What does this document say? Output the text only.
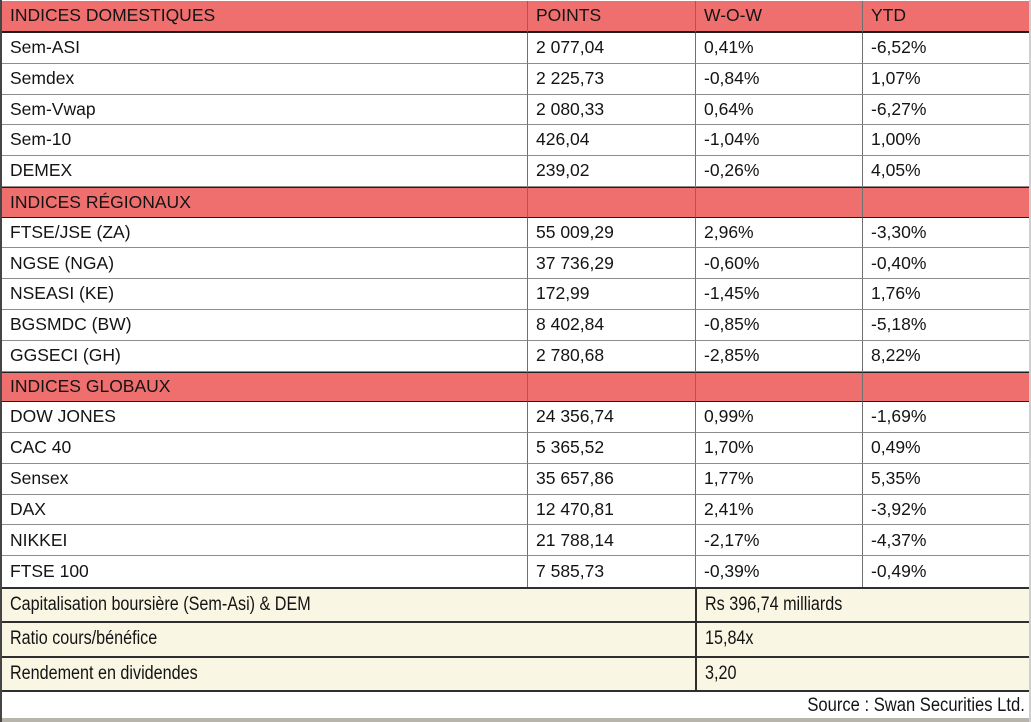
INDICES DOMESTIQUES	POINTS	W-O-W	YTD
Sem-ASI	2 077,04	0,41%	-6,52%
Semdex	2 225,73	-0,84%	1,07%
Sem-Vwap	2 080,33	0,64%	-6,27%
Sem-10	426,04	-1,04%	1,00%
DEMEX	239,02	-0,26%	4,05%
INDICES RÉGIONAUX
FTSE/JSE (ZA)	55 009,29	2,96%	-3,30%
NGSE (NGA)	37 736,29	-0,60%	-0,40%
NSEASI (KE)	172,99	-1,45%	1,76%
BGSMDC (BW)	8 402,84	-0,85%	-5,18%
GGSECI (GH)	2 780,68	-2,85%	8,22%
INDICES GLOBAUX
DOW JONES	24 356,74	0,99%	-1,69%
CAC 40	5 365,52	1,70%	0,49%
Sensex	35 657,86	1,77%	5,35%
DAX	12 470,81	2,41%	-3,92%
NIKKEI	21 788,14	-2,17%	-4,37%
FTSE 100	7 585,73	-0,39%	-0,49%
Capitalisation boursière (Sem-Asi) & DEM	Rs 396,74 milliards
Ratio cours/bénéfice	15,84x
Rendement en dividendes	3,20
Source : Swan Securities Ltd.
